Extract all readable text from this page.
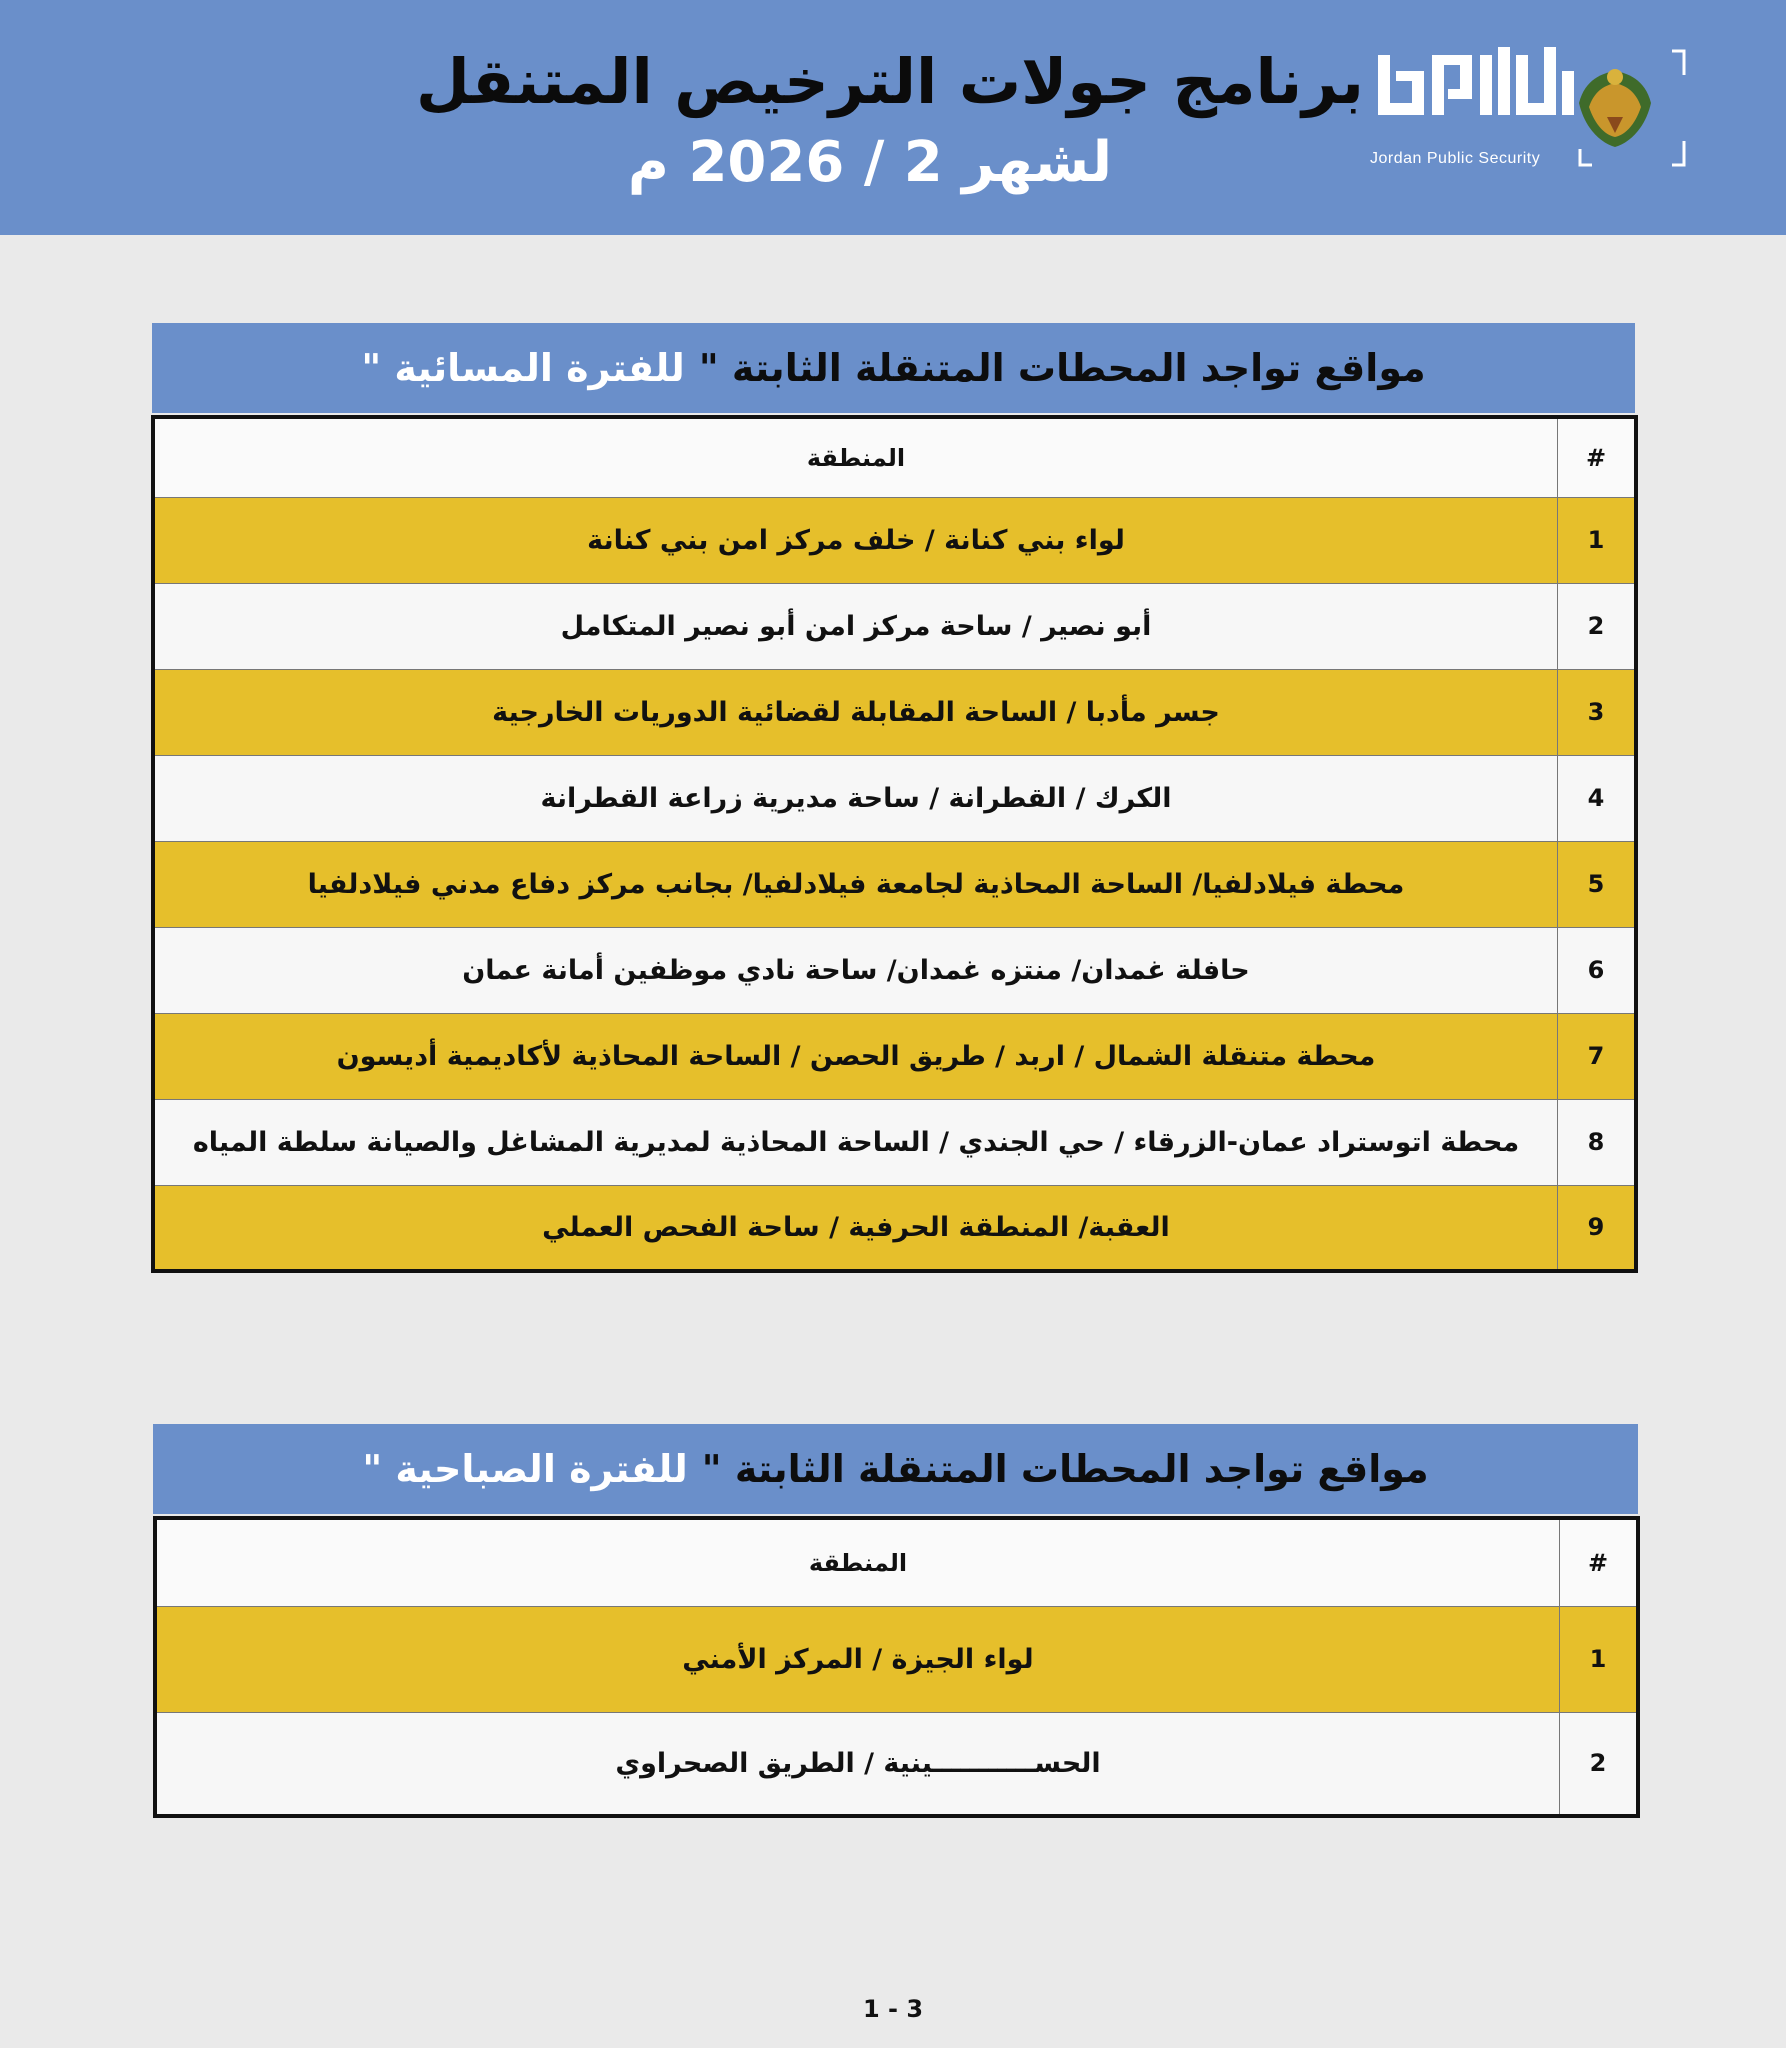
برنامج جولات الترخيص المتنقل
لشهر 2 / 2026 م	Jordan Public Security
مواقع تواجد المحطات المتنقلة الثابتة "
للفترة المسائية "
#	المنطقة
1	لواء بني كنانة / خلف مركز امن بني كنانة
2	أبو نصير / ساحة مركز امن أبو نصير المتكامل
3	جسر مأدبا / الساحة المقابلة لقضائية الدوريات الخارجية
4	الكرك / القطرانة / ساحة مديرية زراعة القطرانة
5	محطة فيلادلفيا/ الساحة المحاذية لجامعة فيلادلفيا/ بجانب مركز دفاع مدني فيلادلفيا
6	حافلة غمدان/ منتزه غمدان/ ساحة نادي موظفين أمانة عمان
7	محطة متنقلة الشمال / اربد / طريق الحصن / الساحة المحاذية لأكاديمية أديسون
8	محطة اتوستراد عمان-الزرقاء / حي الجندي / الساحة المحاذية لمديرية المشاغل والصيانة سلطة المياه
9	العقبة/ المنطقة الحرفية / ساحة الفحص العملي
مواقع تواجد المحطات المتنقلة الثابتة "
للفترة الصباحية "
#	المنطقة
1	لواء الجيزة / المركز الأمني
2	الحســـــــــــينية / الطريق الصحراوي
1 - 3
